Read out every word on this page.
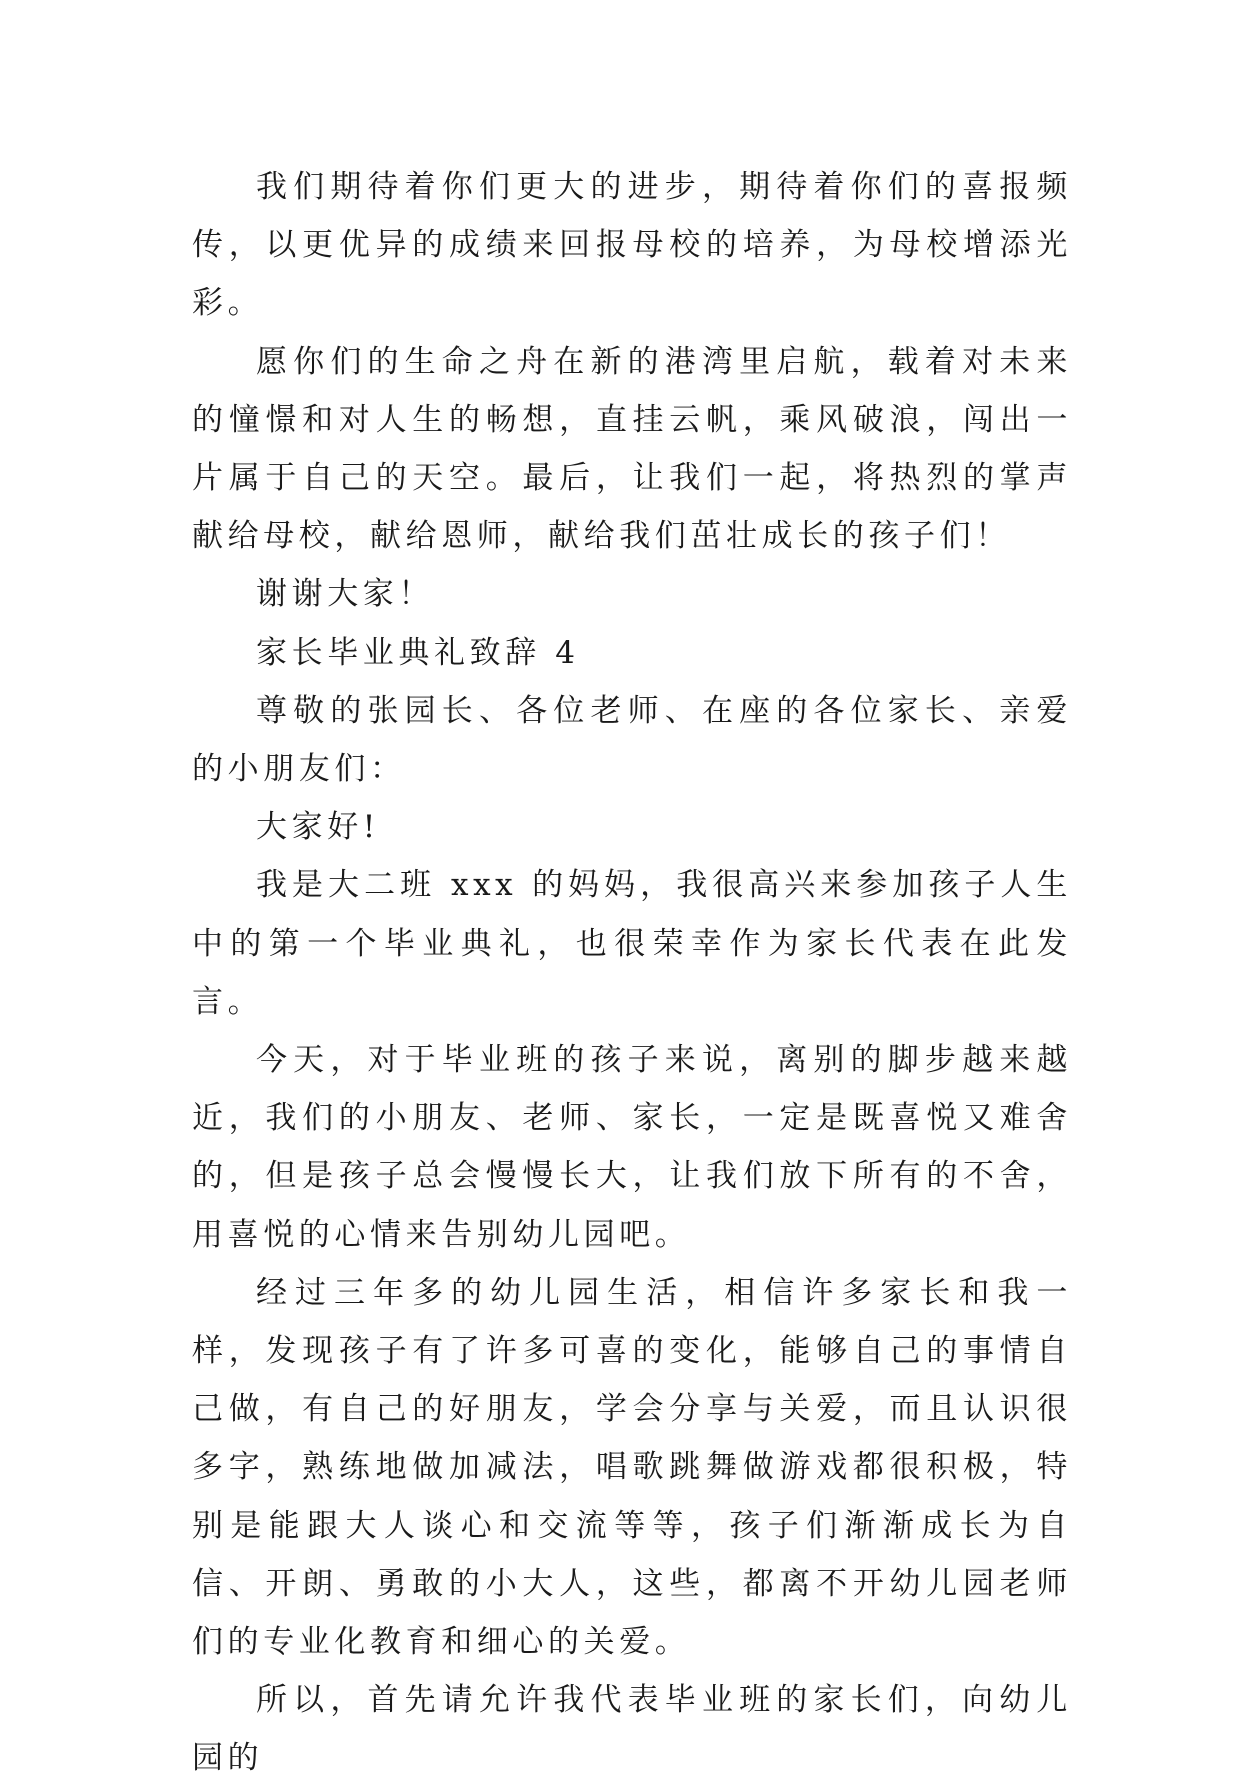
我们期待着你们更大的进步，期待着你们的喜报频传，以更优异的成绩来回报母校的培养，为母校增添光彩。

愿你们的生命之舟在新的港湾里启航，载着对未来的憧憬和对人生的畅想，直挂云帆，乘风破浪，闯出一片属于自己的天空。最后，让我们一起，将热烈的掌声献给母校，献给恩师，献给我们茁壮成长的孩子们！

谢谢大家！

家长毕业典礼致辞 4

尊敬的张园长、各位老师、在座的各位家长、亲爱的小朋友们：

大家好!

我是大二班 xxx 的妈妈，我很高兴来参加孩子人生中的第一个毕业典礼，也很荣幸作为家长代表在此发言。

今天，对于毕业班的孩子来说，离别的脚步越来越近，我们的小朋友、老师、家长，一定是既喜悦又难舍的，但是孩子总会慢慢长大，让我们放下所有的不舍，用喜悦的心情来告别幼儿园吧。

经过三年多的幼儿园生活，相信许多家长和我一样，发现孩子有了许多可喜的变化，能够自己的事情自己做，有自己的好朋友，学会分享与关爱，而且认识很多字，熟练地做加减法，唱歌跳舞做游戏都很积极，特别是能跟大人谈心和交流等等，孩子们渐渐成长为自信、开朗、勇敢的小大人，这些，都离不开幼儿园老师们的专业化教育和细心的关爱。

所以，首先请允许我代表毕业班的家长们，向幼儿园的
